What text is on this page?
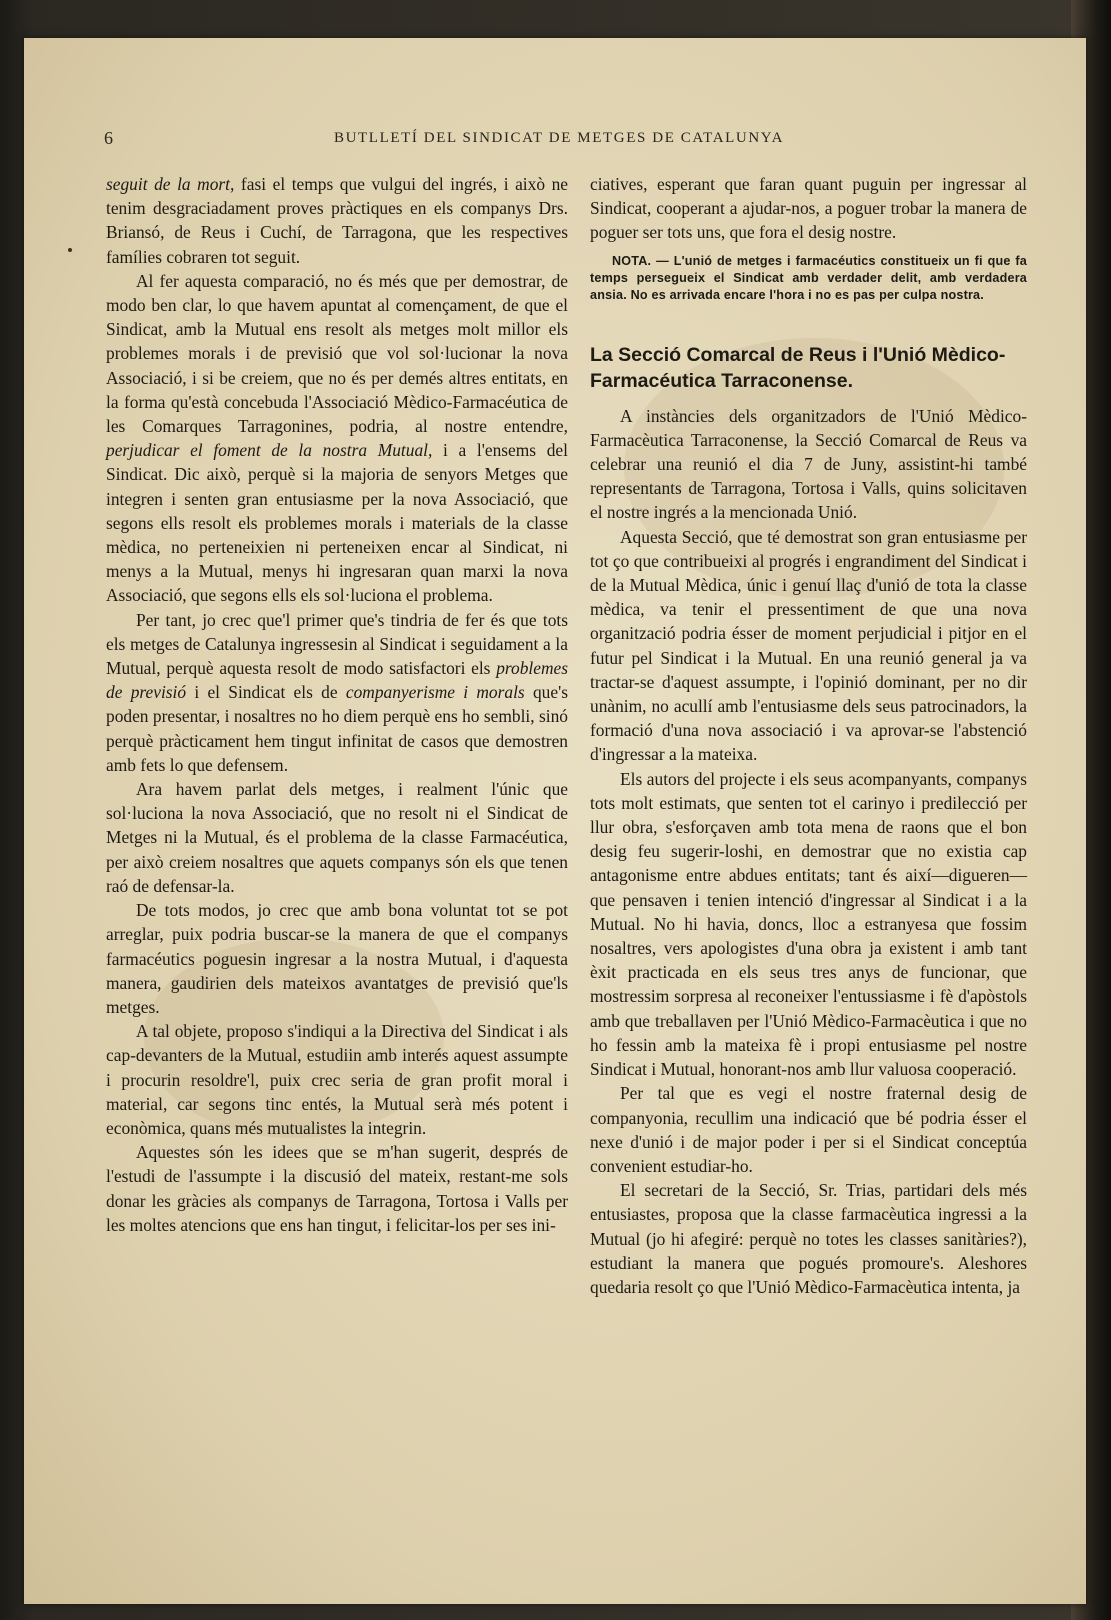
6	BUTLLETÍ DEL SINDICAT DE METGES DE CATALUNYA

seguit de la mort, fasi el temps que vulgui del ingrés, i això ne tenim desgraciadament proves pràctiques en els companys Drs. Briansó, de Reus i Cuchí, de Tarragona, que les respectives famílies cobraren tot seguit.

Al fer aquesta comparació, no és més que per demostrar, de modo ben clar, lo que havem apuntat al començament, de que el Sindicat, amb la Mutual ens resolt als metges molt millor els problemes morals i de previsió que vol sol·lucionar la nova Associació, i si be creiem, que no és per demés altres entitats, en la forma qu'està concebuda l'Associació Mèdico-Farmacéutica de les Comarques Tarragonines, podria, al nostre entendre, perjudicar el foment de la nostra Mutual, i a l'ensems del Sindicat. Dic això, perquè si la majoria de senyors Metges que integren i senten gran entusiasme per la nova Associació, que segons ells resolt els problemes morals i materials de la classe mèdica, no perteneixien ni perteneixen encar al Sindicat, ni menys a la Mutual, menys hi ingresaran quan marxi la nova Associació, que segons ells els sol·luciona el problema.

Per tant, jo crec que'l primer que's tindria de fer és que tots els metges de Catalunya ingressesin al Sindicat i seguidament a la Mutual, perquè aquesta resolt de modo satisfactori els problemes de previsió i el Sindicat els de companyerisme i morals que's poden presentar, i nosaltres no ho diem perquè ens ho sembli, sinó perquè pràcticament hem tingut infinitat de casos que demostren amb fets lo que defensem.

Ara havem parlat dels metges, i realment l'únic que sol·luciona la nova Associació, que no resolt ni el Sindicat de Metges ni la Mutual, és el problema de la classe Farmacéutica, per això creiem nosaltres que aquets companys són els que tenen raó de defensar-la.

De tots modos, jo crec que amb bona voluntat tot se pot arreglar, puix podria buscar-se la manera de que el companys farmacéutics poguesin ingresar a la nostra Mutual, i d'aquesta manera, gaudirien dels mateixos avantatges de previsió que'ls metges.

A tal objete, proposo s'indiqui a la Directiva del Sindicat i als cap-devanters de la Mutual, estudiin amb interés aquest assumpte i procurin resoldre'l, puix crec seria de gran profit moral i material, car segons tinc entés, la Mutual serà més potent i econòmica, quans més mutualistes la integrin.

Aquestes són les idees que se m'han sugerit, després de l'estudi de l'assumpte i la discusió del mateix, restant-me sols donar les gràcies als companys de Tarragona, Tortosa i Valls per les moltes atencions que ens han tingut, i felicitar-los per ses ini-

ciatives, esperant que faran quant puguin per ingressar al Sindicat, cooperant a ajudar-nos, a poguer trobar la manera de poguer ser tots uns, que fora el desig nostre.

NOTA. — L'unió de metges i farmacéutics constitueix un fi que fa temps persegueix el Sindicat amb verdader delit, amb verdadera ansia. No es arrivada encare l'hora i no es pas per culpa nostra.

La Secció Comarcal de Reus i l'Unió Mèdico-Farmacéutica Tarraconense.

A instàncies dels organitzadors de l'Unió Mèdico-Farmacèutica Tarraconense, la Secció Comarcal de Reus va celebrar una reunió el dia 7 de Juny, assistint-hi també representants de Tarragona, Tortosa i Valls, quins solicitaven el nostre ingrés a la mencionada Unió.

Aquesta Secció, que té demostrat son gran entusiasme per tot ço que contribueixi al progrés i engrandiment del Sindicat i de la Mutual Mèdica, únic i genuí llaç d'unió de tota la classe mèdica, va tenir el pressentiment de que una nova organització podria ésser de moment perjudicial i pitjor en el futur pel Sindicat i la Mutual. En una reunió general ja va tractar-se d'aquest assumpte, i l'opinió dominant, per no dir unànim, no acullí amb l'entusiasme dels seus patrocinadors, la formació d'una nova associació i va aprovar-se l'abstenció d'ingressar a la mateixa.

Els autors del projecte i els seus acompanyants, companys tots molt estimats, que senten tot el carinyo i predilecció per llur obra, s'esforçaven amb tota mena de raons que el bon desig feu sugerir-loshi, en demostrar que no existia cap antagonisme entre abdues entitats; tant és així—digueren—que pensaven i tenien intenció d'ingressar al Sindicat i a la Mutual. No hi havia, doncs, lloc a estranyesa que fossim nosaltres, vers apologistes d'una obra ja existent i amb tant èxit practicada en els seus tres anys de funcionar, que mostressim sorpresa al reconeixer l'entussiasme i fè d'apòstols amb que treballaven per l'Unió Mèdico-Farmacèutica i que no ho fessin amb la mateixa fè i propi entusiasme pel nostre Sindicat i Mutual, honorant-nos amb llur valuosa cooperació.

Per tal que es vegi el nostre fraternal desig de companyonia, recullim una indicació que bé podria ésser el nexe d'unió i de major poder i per si el Sindicat conceptúa convenient estudiar-ho.

El secretari de la Secció, Sr. Trias, partidari dels més entusiastes, proposa que la classe farmacèutica ingressi a la Mutual (jo hi afegiré: perquè no totes les classes sanitàries?), estudiant la manera que pogués promoure's. Aleshores quedaria resolt ço que l'Unió Mèdico-Farmacèutica intenta, ja
